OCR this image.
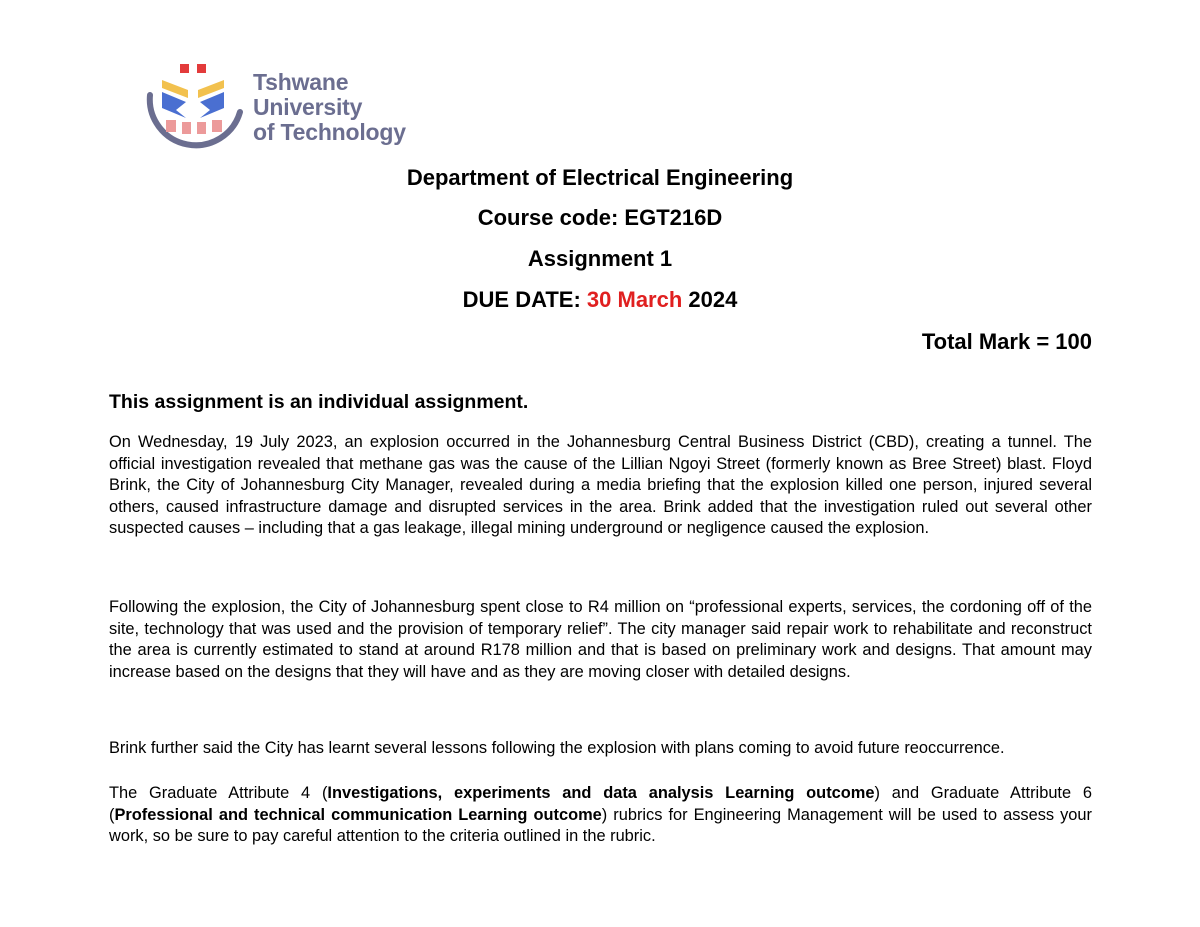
Tshwane University
of Technology
Department of Electrical Engineering
Course code: EGT216D
Assignment 1
DUE DATE: 30 March 2024
Total Mark = 100
This assignment is an individual assignment.
On Wednesday, 19 July 2023, an explosion occurred in the Johannesburg Central Business District (CBD), creating a tunnel. The official investigation revealed that methane gas was the cause of the Lillian Ngoyi Street (formerly known as Bree Street) blast. Floyd Brink, the City of Johannesburg City Manager, revealed during a media briefing that the explosion killed one person, injured several others, caused infrastructure damage and disrupted services in the area. Brink added that the investigation ruled out several other suspected causes – including that a gas leakage, illegal mining underground or negligence caused the explosion.
Following the explosion, the City of Johannesburg spent close to R4 million on “professional experts, services, the cordoning off of the site, technology that was used and the provision of temporary relief”. The city manager said repair work to rehabilitate and reconstruct the area is currently estimated to stand at around R178 million and that is based on preliminary work and designs. That amount may increase based on the designs that they will have and as they are moving closer with detailed designs.
Brink further said the City has learnt several lessons following the explosion with plans coming to avoid future reoccurrence.
The Graduate Attribute 4 (Investigations, experiments and data analysis Learning outcome) and Graduate Attribute 6 (Professional and technical communication Learning outcome) rubrics for Engineering Management will be used to assess your work, so be sure to pay careful attention to the criteria outlined in the rubric.
